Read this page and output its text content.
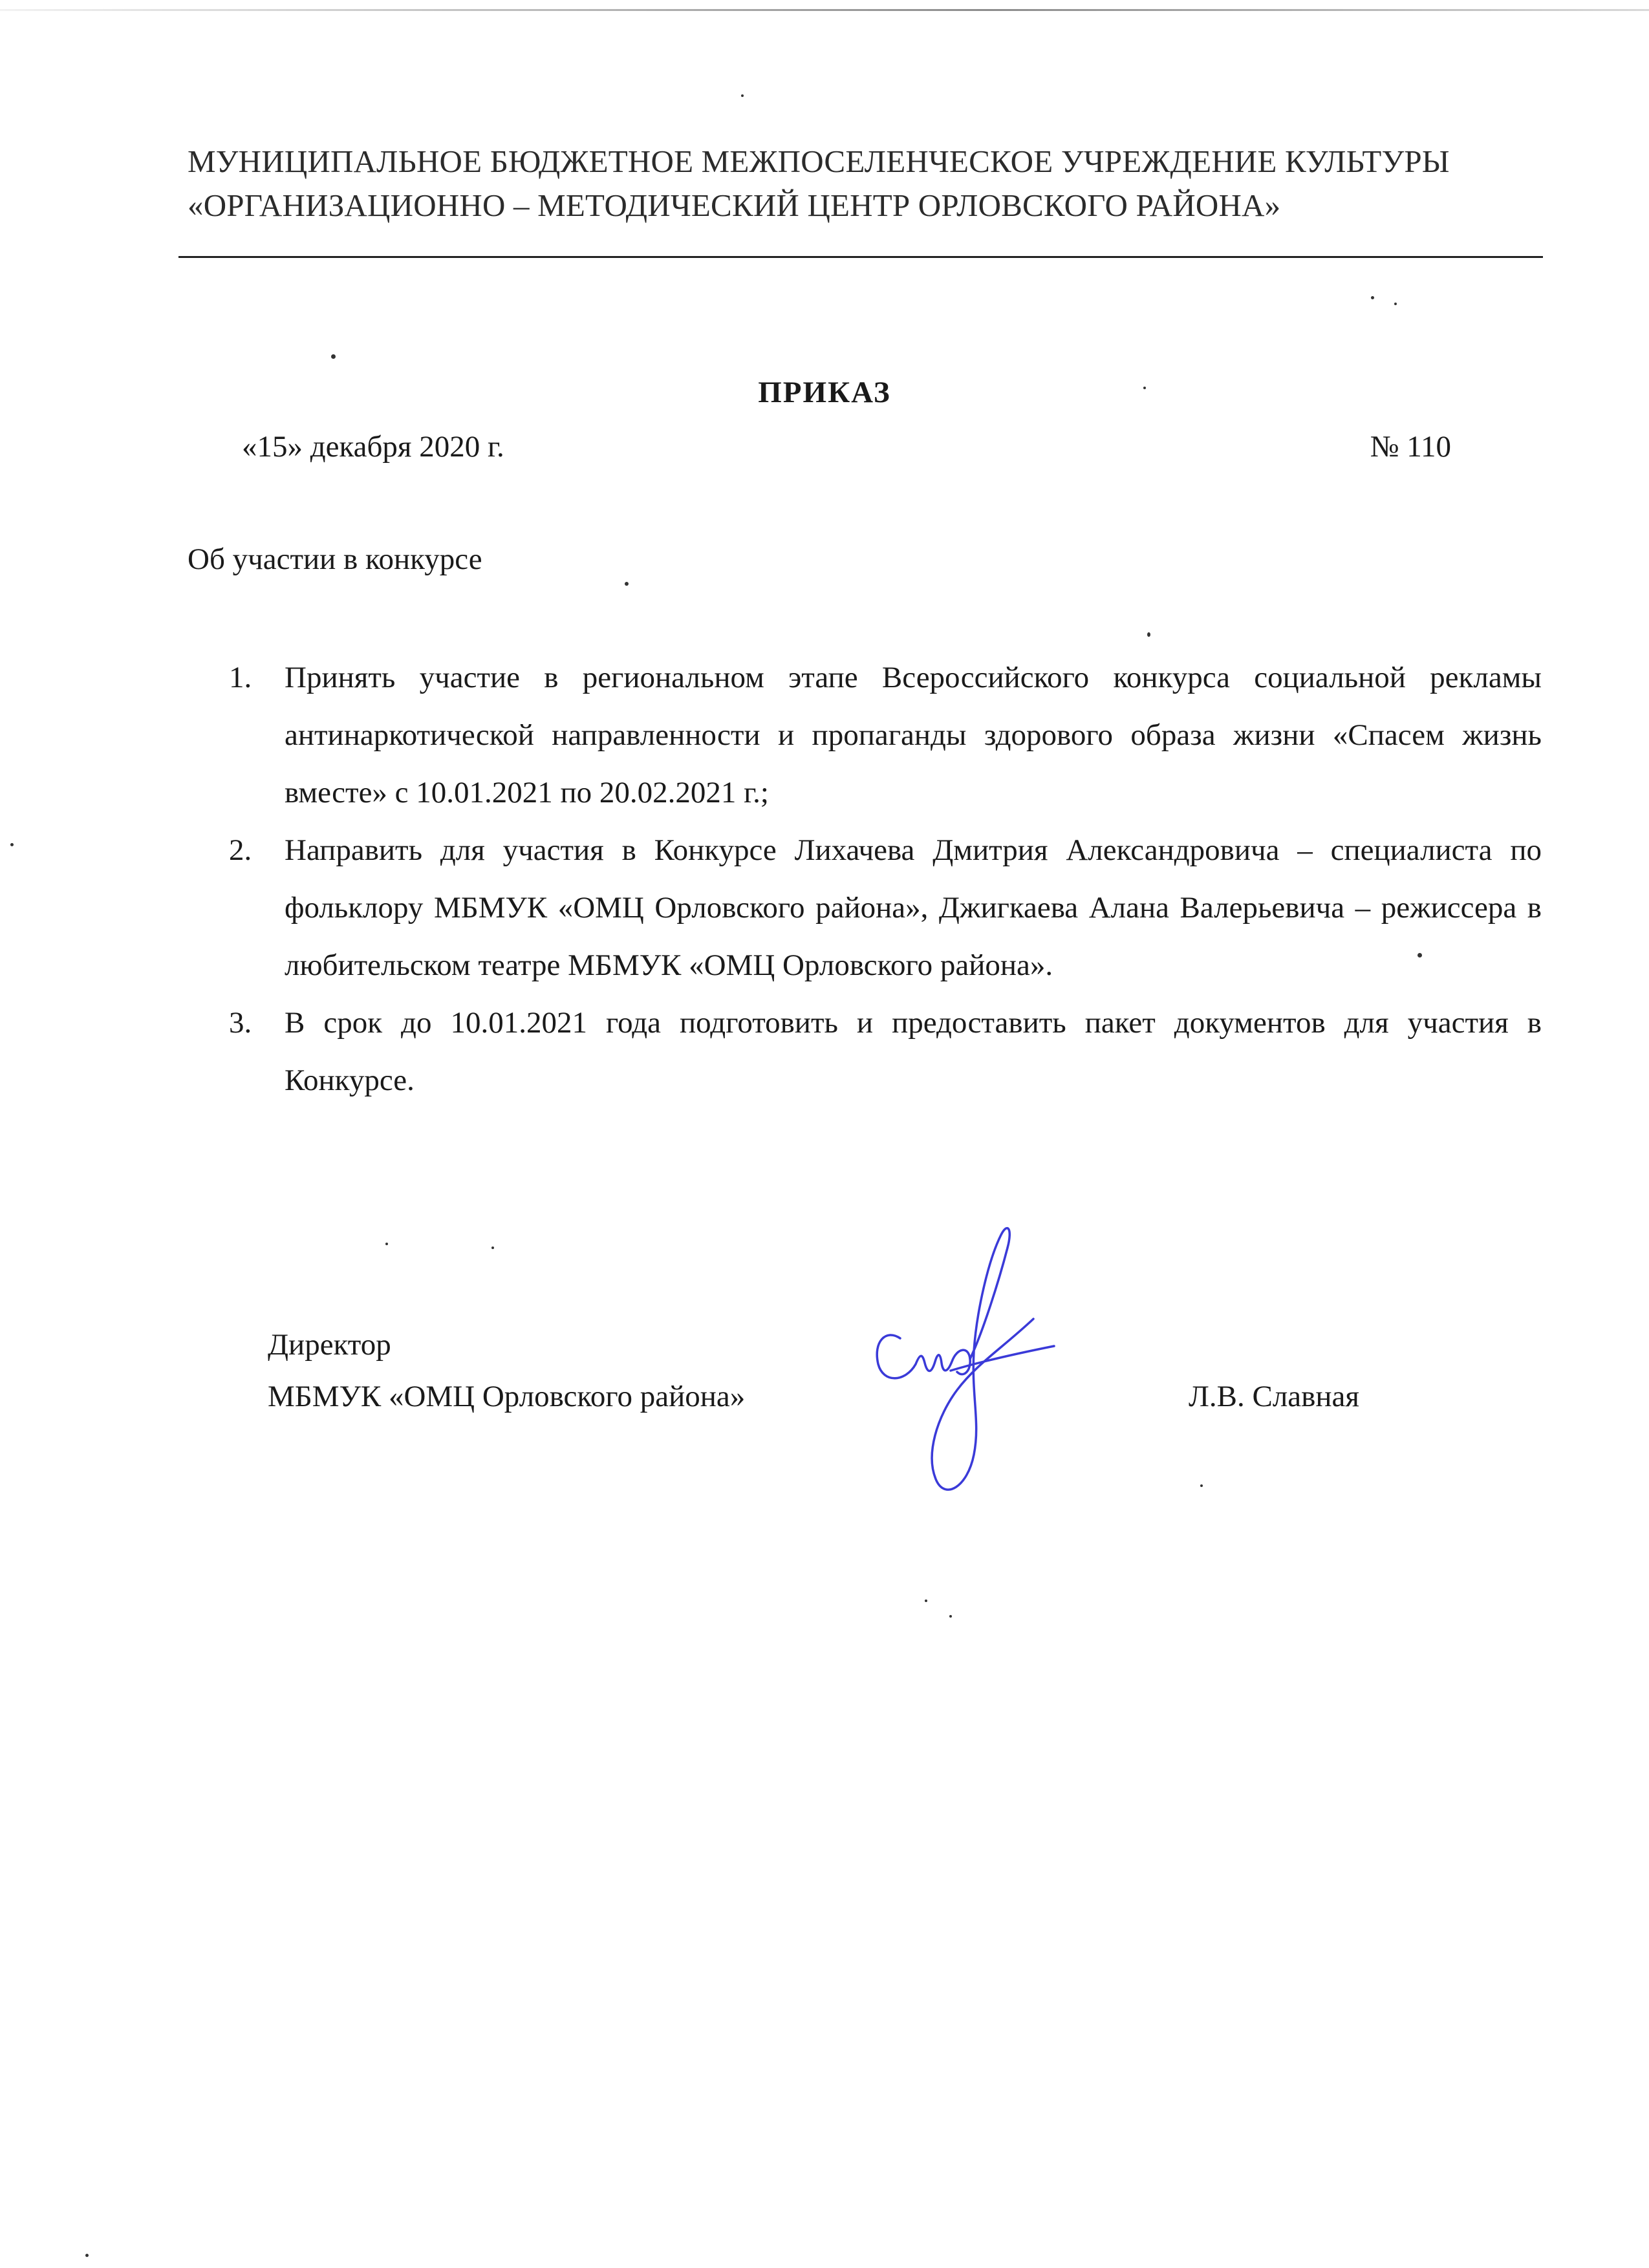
МУНИЦИПАЛЬНОЕ БЮДЖЕТНОЕ МЕЖПОСЕЛЕНЧЕСКОЕ УЧРЕЖДЕНИЕ КУЛЬТУРЫ
«ОРГАНИЗАЦИОННО – МЕТОДИЧЕСКИЙ ЦЕНТР ОРЛОВСКОГО РАЙОНА»
ПРИКАЗ
«15» декабря 2020 г.	№ 110
Об участии в конкурсе
1. Принять участие в региональном этапе Всероссийского конкурса социальной рекламы антинаркотической направленности и пропаганды здорового образа жизни «Спасем жизнь вместе» с 10.01.2021 по 20.02.2021 г.;
2. Направить для участия в Конкурсе Лихачева Дмитрия Александровича – специалиста по фольклору МБМУК «ОМЦ Орловского района», Джигкаева Алана Валерьевича – режиссера в любительском театре МБМУК «ОМЦ Орловского района».
3. В срок до 10.01.2021 года подготовить и предоставить пакет документов для участия в Конкурсе.
Директор
МБМУК «ОМЦ Орловского района»	Л.В. Славная
